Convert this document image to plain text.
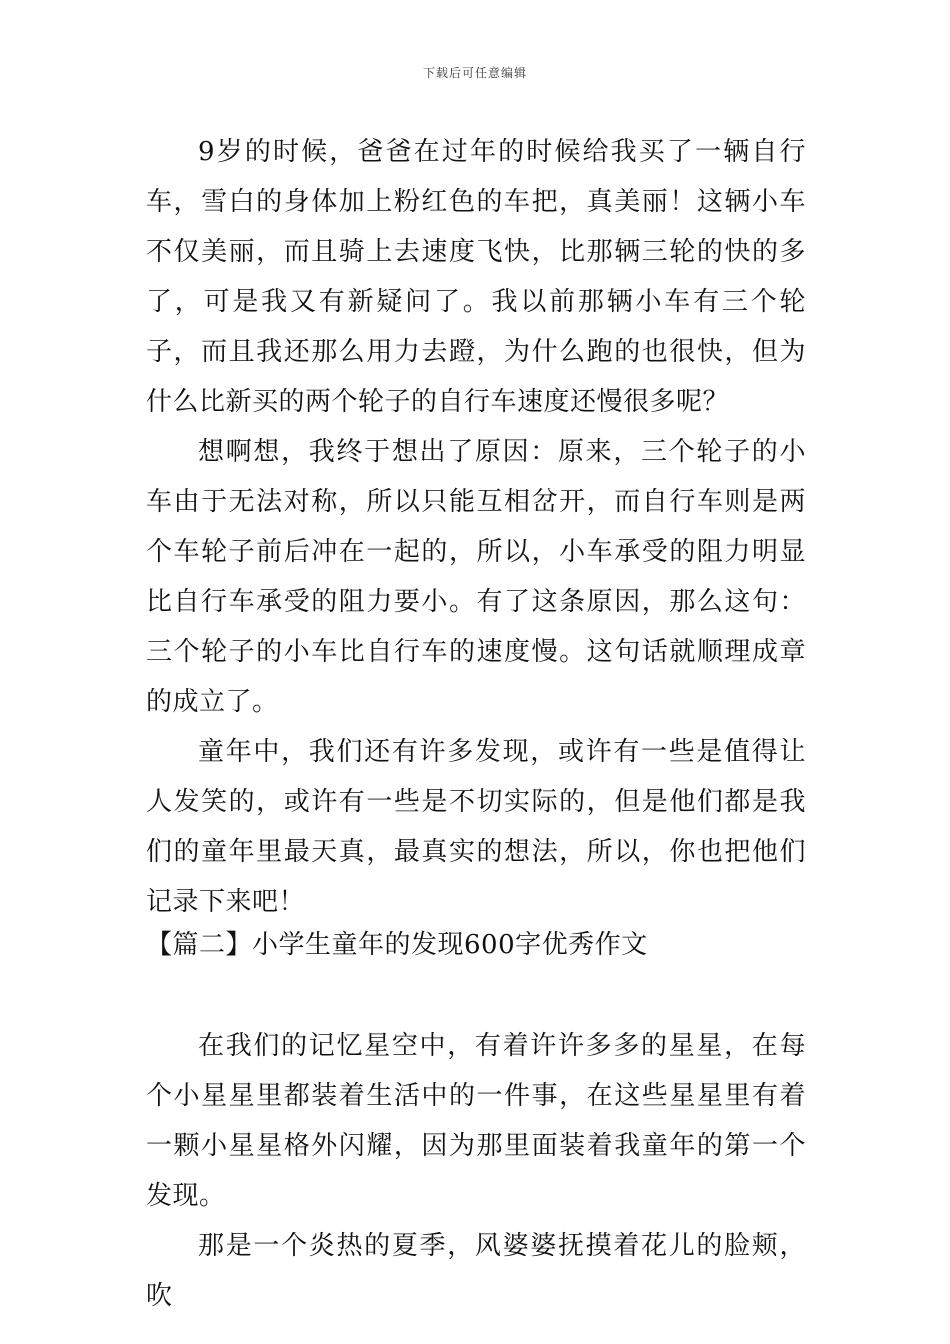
下载后可任意编辑

9岁的时候，爸爸在过年的时候给我买了一辆自行车，雪白的身体加上粉红色的车把，真美丽！这辆小车不仅美丽，而且骑上去速度飞快，比那辆三轮的快的多了，可是我又有新疑问了。我以前那辆小车有三个轮子，而且我还那么用力去蹬，为什么跑的也很快，但为什么比新买的两个轮子的自行车速度还慢很多呢？

想啊想，我终于想出了原因：原来，三个轮子的小车由于无法对称，所以只能互相岔开，而自行车则是两个车轮子前后冲在一起的，所以，小车承受的阻力明显比自行车承受的阻力要小。有了这条原因，那么这句：三个轮子的小车比自行车的速度慢。这句话就顺理成章的成立了。

童年中，我们还有许多发现，或许有一些是值得让人发笑的，或许有一些是不切实际的，但是他们都是我们的童年里最天真，最真实的想法，所以，你也把他们记录下来吧！

【篇二】小学生童年的发现600字优秀作文

在我们的记忆星空中，有着许许多多的星星，在每个小星星里都装着生活中的一件事，在这些星星里有着一颗小星星格外闪耀，因为那里面装着我童年的第一个发现。

那是一个炎热的夏季，风婆婆抚摸着花儿的脸颊，吹
